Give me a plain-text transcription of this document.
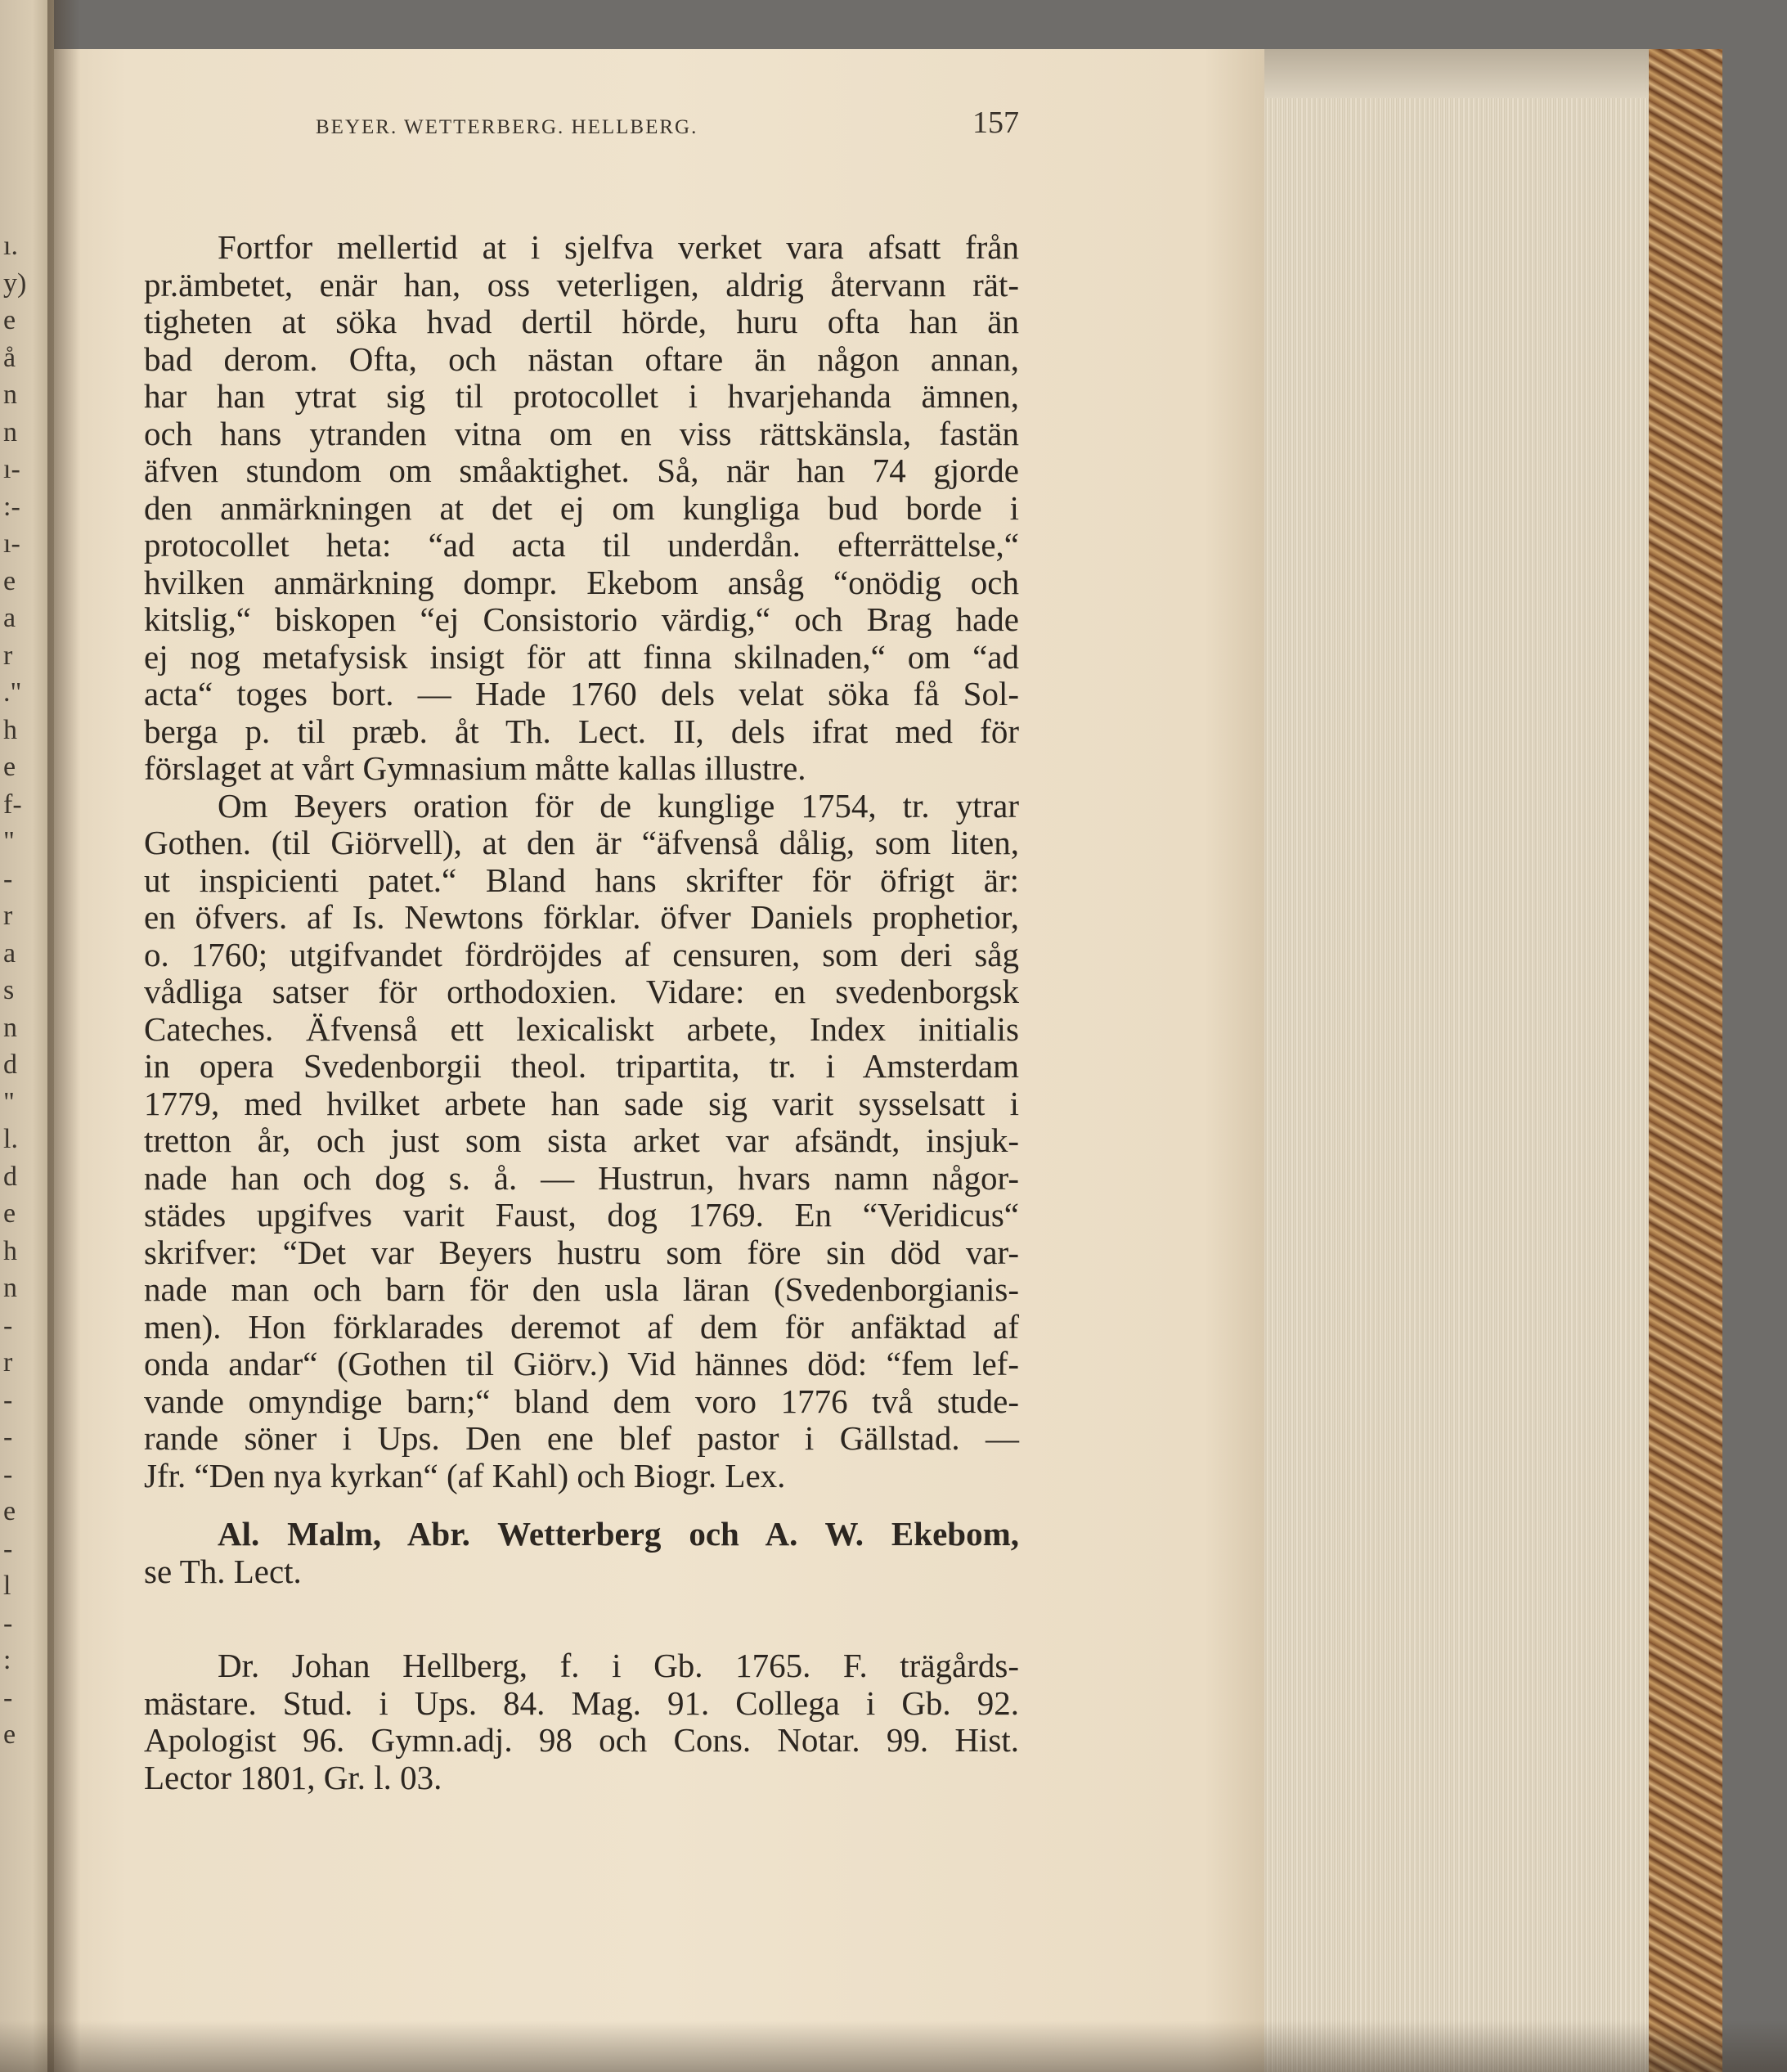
ı.
y)
e
å
n
n
ı-
:-
ı-
e
a
r
."
h
e
f-
"
-
r
a
s
n
d
"
l.
d
e
h
n
-
r
-
-
-
e
-
l
-
:
-
e
BEYER. WETTERBERG. HELLBERG.	157

Fortfor mellertid at i sjelfva verket vara afsatt från
pr.ämbetet, enär han, oss veterligen, aldrig återvann rät-
tigheten at söka hvad dertil hörde, huru ofta han än
bad derom. Ofta, och nästan oftare än någon annan,
har han ytrat sig til protocollet i hvarjehanda ämnen,
och hans ytranden vitna om en viss rättskänsla, fastän
äfven stundom om småaktighet. Så, när han 74 gjorde
den anmärkningen at det ej om kungliga bud borde i
protocollet heta: “ad acta til underdån. efterrättelse,“
hvilken anmärkning dompr. Ekebom ansåg “onödig och
kitslig,“ biskopen “ej Consistorio värdig,“ och Brag hade
ej nog metafysisk insigt för att finna skilnaden,“ om “ad
acta“ toges bort. — Hade 1760 dels velat söka få Sol-
berga p. til præb. åt Th. Lect. II, dels ifrat med för
förslaget at vårt Gymnasium måtte kallas illustre.

Om Beyers oration för de kunglige 1754, tr. ytrar
Gothen. (til Giörvell), at den är “äfvenså dålig, som liten,
ut inspicienti patet.“ Bland hans skrifter för öfrigt är:
en öfvers. af Is. Newtons förklar. öfver Daniels prophetior,
o. 1760; utgifvandet fördröjdes af censuren, som deri såg
vådliga satser för orthodoxien. Vidare: en svedenborgsk
Cateches. Äfvenså ett lexicaliskt arbete, Index initialis
in opera Svedenborgii theol. tripartita, tr. i Amsterdam
1779, med hvilket arbete han sade sig varit sysselsatt i
tretton år, och just som sista arket var afsändt, insjuk-
nade han och dog s. å. — Hustrun, hvars namn någor-
städes upgifves varit Faust, dog 1769. En “Veridicus“
skrifver: “Det var Beyers hustru som före sin död var-
nade man och barn för den usla läran (Svedenborgianis-
men). Hon förklarades deremot af dem för anfäktad af
onda andar“ (Gothen til Giörv.) Vid hännes död: “fem lef-
vande omyndige barn;“ bland dem voro 1776 två stude-
rande söner i Ups. Den ene blef pastor i Gällstad. —
Jfr. “Den nya kyrkan“ (af Kahl) och Biogr. Lex.

Al. Malm, Abr. Wetterberg och A. W. Ekebom,
se Th. Lect.

Dr. Johan Hellberg, f. i Gb. 1765. F. trägårds-
mästare. Stud. i Ups. 84. Mag. 91. Collega i Gb. 92.
Apologist 96. Gymn.adj. 98 och Cons. Notar. 99. Hist.
Lector 1801, Gr. l. 03.
